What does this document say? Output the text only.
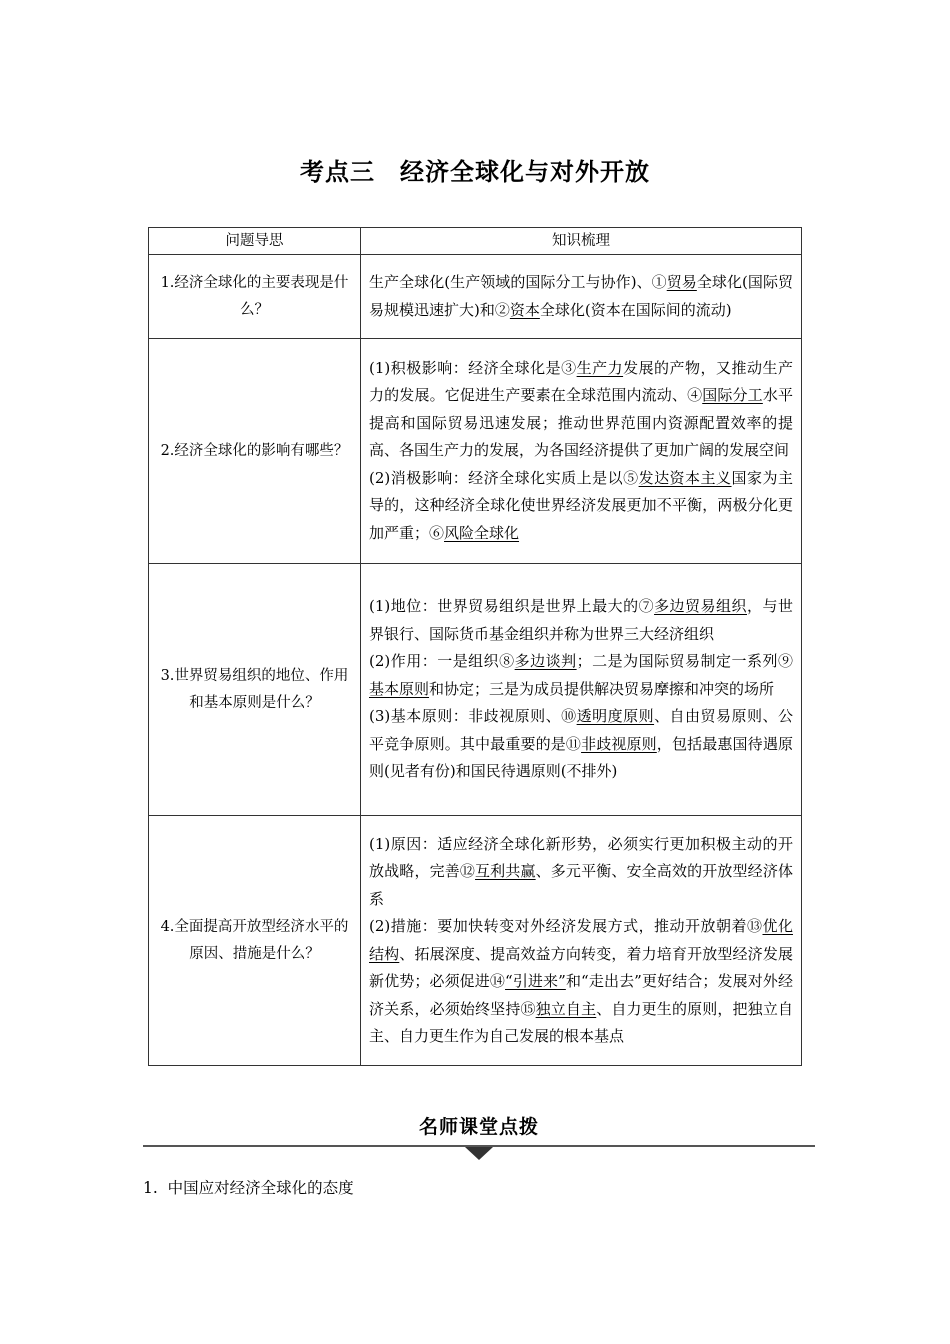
考点三　经济全球化与对外开放
问题导思	知识梳理
1.经济全球化的主要表现是什么？	生产全球化(生产领域的国际分工与协作)、①贸易全球化(国际贸易规模迅速扩大)和②资本全球化(资本在国际间的流动)

2.经济全球化的影响有哪些？	(1)积极影响：经济全球化是③生产力发展的产物，又推动生产力的发展。它促进生产要素在全球范围内流动、④国际分工水平提高和国际贸易迅速发展；推动世界范围内资源配置效率的提高、各国生产力的发展，为各国经济提供了更加广阔的发展空间
(2)消极影响：经济全球化实质上是以⑤发达资本主义国家为主导的，这种经济全球化使世界经济发展更加不平衡，两极分化更加严重；⑥风险全球化

3.世界贸易组织的地位、作用和基本原则是什么？	(1)地位：世界贸易组织是世界上最大的⑦多边贸易组织，与世界银行、国际货币基金组织并称为世界三大经济组织
(2)作用：一是组织⑧多边谈判；二是为国际贸易制定一系列⑨基本原则和协定；三是为成员提供解决贸易摩擦和冲突的场所
(3)基本原则：非歧视原则、⑩透明度原则、自由贸易原则、公平竞争原则。其中最重要的是⑪非歧视原则，包括最惠国待遇原则(见者有份)和国民待遇原则(不排外)

4.全面提高开放型经济水平的原因、措施是什么？	(1)原因：适应经济全球化新形势，必须实行更加积极主动的开放战略，完善⑫互利共赢、多元平衡、安全高效的开放型经济体系
(2)措施：要加快转变对外经济发展方式，推动开放朝着⑬优化结构、拓展深度、提高效益方向转变，着力培育开放型经济发展新优势；必须促进⑭“引进来”和“走出去”更好结合；发展对外经济关系，必须始终坚持⑮独立自主、自力更生的原则，把独立自主、自力更生作为自己发展的根本基点
名师课堂点拨
1.  中国应对经济全球化的态度
